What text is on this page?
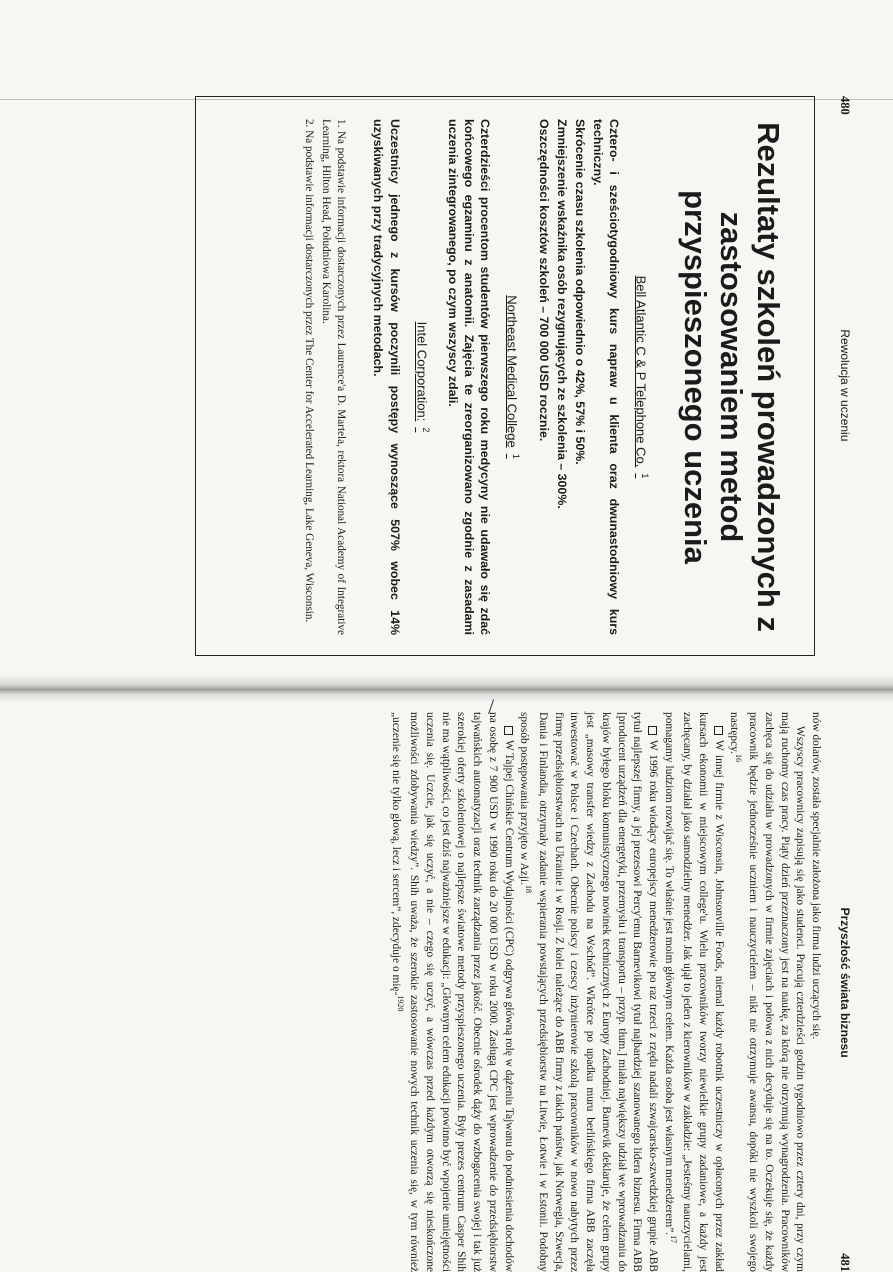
/
480
Rewolucja w uczeniu
Rezultaty szkoleń prowadzonych z zastosowaniem metod przyspieszonego uczenia
Bell Atlantic C & P Telephone Co.$^1$

Cztero- i sześciotygodniowy kurs napraw u klienta oraz dwunastodniowy kurs techniczny.

Skrócenie czasu szkolenia odpowiednio o 42%, 57% i 50%.

Zmniejszenie wskaźnika osób rezygnujących ze szkolenia – 300%.

Oszczędności kosztów szkoleń – 700 000 USD rocznie.

Northeast Medical College$^1$

Czterdzieści procentom studentów pierwszego roku medycyny nie udawało się zdać końcowego egzaminu z anatomii. Zajęcia te zreorganizowano zgodnie z zasadami uczenia zintegrowanego, po czym wszyscy zdali.

Intel Corporation:$^2$

Uczestnicy jednego z kursów poczynili postępy wynoszące 507% wobec 14% uzyskiwanych przy tradycyjnych metodach.

1. Na podstawie informacji dostarczonych przez Laurence'a D. Martela, rektora National Academy of Integrative Learning, Hilton Head, Południowa Karolina.

2. Na podstawie informacji dostarczonych przez The Center for Accelerated Learning, Lake Geneva, Wisconsin.

Przyszłość świata biznesu
481

nów dolarów, została specjalnie założona jako firma ludzi uczących się.

Wszyscy pracownicy zapisują się jako studenci. Pracują czterdzieści godzin tygodniowo przez cztery dni, przy czym mają ruchomy czas pracy. Piąty dzień przeznaczony jest na naukę, za którą nie otrzymują wynagrodzenia. Pracowników zachęca się do udziału w prowadzonych w firmie zajęciach i połowa z nich decyduje się na to. Oczekuje się, że każdy pracownik będzie jednocześnie uczniem i nauczycielem – nikt nie otrzymuje awansu, dopóki nie wyszkoli swojego następcy.$^{16}$

W innej firmie z Wisconsin, Johnsonville Foods, niemal każdy robotnik uczestniczy w opłaconych przez zakład kursach ekonomii w miejscowym college'u. Wielu pracowników tworzy niewielkie grupy zadaniowe, a każdy jest zachęcany, by działał jako samodzielny menedżer. Jak ujął to jeden z kierowników w zakładzie: „Jesteśmy nauczycielami, pomagamy ludziom rozwijać się. To właśnie jest moim głównym celem. Każda osoba jest własnym menedżerem”.$^{17}$

W 1996 roku wiodący europejscy menedżerowie po raz trzeci z rzędu nadali szwajcarsko-szwedzkiej grupie ABB tytuł najlepszej firmy, a jej prezesowi Percy'emu Barnevikowi tytuł najbardziej szanowanego lidera biznesu. Firma ABB [producent urządzeń dla energetyki, przemysłu i transportu – przyp. tłum.] miała największy udział we wprowadzaniu do krajów byłego bloku komunistycznego nowinek technicznych z Europy Zachodniej. Barnevik deklaruje, że celem grupy jest „masowy transfer wiedzy z Zachodu na Wschód”. Wkrótce po upadku muru berlińskiego firma ABB zaczęła inwestować w Polsce i Czechach. Obecnie polscy i czescy inżynierowie szkolą pracowników w nowo nabytych przez firmę przedsiębiorstwach na Ukrainie i w Rosji. Z kolei należące do ABB firmy z takich państw, jak Norwegia, Szwecja, Dania i Finlandia, otrzymały zadanie wspierania powstających przedsiębiorstw na Litwie, Łotwie i w Estonii. Podobny sposób postępowania przyjęto w Azji.$^{18}$

W Tajpej Chińskie Centrum Wydajności (CPC) odgrywa główną rolę w dążeniu Tajwanu do podniesienia dochodów na osobę z 7 900 USD w 1990 roku do 20 000 USD w roku 2000. Zasługą CPC jest wprowadzenie do przedsiębiorstw tajwańskich automatyzacji oraz technik zarządzania przez jakość. Obecnie ośrodek dąży do wzbogacenia swojej i tak już szerokiej oferty szkoleniowej o najlepsze światowe metody przyspieszonego uczenia. Były prezes centrum Casper Shih nie ma wątpliwości, co jest dziś najważniejsze w edukacji: „Głównym celem edukacji powinno być wpojenie umiejętności uczenia się. Uczcie, jak się uczyć, a nie – czego się uczyć, a wówczas przed każdym otworzą się nieskończone możliwości zdobywania wiedzy”. Shih uważa, że szerokie zastosowanie nowych technik uczenia się, w tym również „uczenie się nie tylko głową, lecz i sercem”, zdecyduje o mię-$^{1920}$
